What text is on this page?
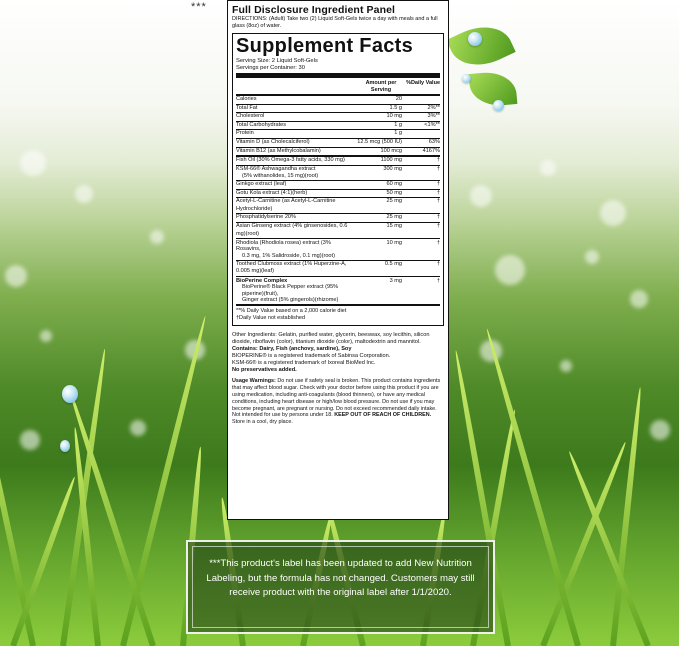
*** Full Disclosure Ingredient Panel
DIRECTIONS: (Adult) Take two (2) Liquid Soft-Gels twice a day with meals and a full glass (8oz) of water.
Supplement Facts
Serving Size: 2 Liquid Soft-Gels
Servings per Container: 30
Amount per Serving
%Daily Value
Calories	20
Total Fat	1.5 g	2%**
Cholesterol	10 mg	3%**
Total Carbohydrates	1 g	<1%**
Protein	1 g
Vitamin D (as Cholecalciferol)	12.5 mcg (500 IU)	63%
Vitamin B12 (as Methylcobalamin)	100 mcg	4167%
Fish Oil (30% Omega-3 fatty acids, 330 mg)	1100 mg	†
KSM-66® Ashwagandha extract
(5% withanolides, 15 mg)(root)
300 mg	†
Ginkgo extract (leaf)	60 mg	†
Gotu Kola extract (4:1)(herb)	50 mg	†
Acetyl-L-Carnitine (as Acetyl-L-Carnitine Hydrochloride)
25 mg	†
Phosphatidylserine 20%	25 mg	†
Asian Ginseng extract (4% ginsenosides, 0.6 mg)(root)
15 mg	†
Rhodiola (Rhodiola rosea) extract (3% Rosavins,
0.3 mg, 1% Salidroside, 0.1 mg)(root)
10 mg	†
Toothed Clubmoss extract (1% Huperzine-A, 0.005 mg)(leaf)
0.5 mg	†
BioPerine Complex
BioPerine® Black Pepper extract (95% piperine)(fruit),
Ginger extract (5% gingerols)(rhizome)
3 mg	†
**% Daily Value based on a 2,000 calorie diet
†Daily Value not established
Other Ingredients: Gelatin, purified water, glycerin, beeswax, soy lecithin, silicon dioxide, riboflavin (color), titanium dioxide (color), maltodextrin and mannitol.
Contains: Dairy, Fish (anchovy, sardine), Soy
BIOPERINE® is a registered trademark of Sabinsa Corporation.
KSM-66® is a registered trademark of Ixoreal BioMed Inc.
No preservatives added.
Usage Warnings: Do not use if safety seal is broken. This product contains ingredients that may affect blood sugar. Check with your doctor before using this product if you are using medication, including anti-coagulants (blood thinners), or have any medical conditions, including heart disease or high/low blood pressure. Do not use if you may become pregnant, are pregnant or nursing. Do not exceed recommended daily intake. Not intended for use by persons under 18. KEEP OUT OF REACH OF CHILDREN. Store in a cool, dry place.
***This product's label has been updated to add New Nutrition Labeling, but the formula has not changed. Customers may still receive product with the original label after 1/1/2020.
